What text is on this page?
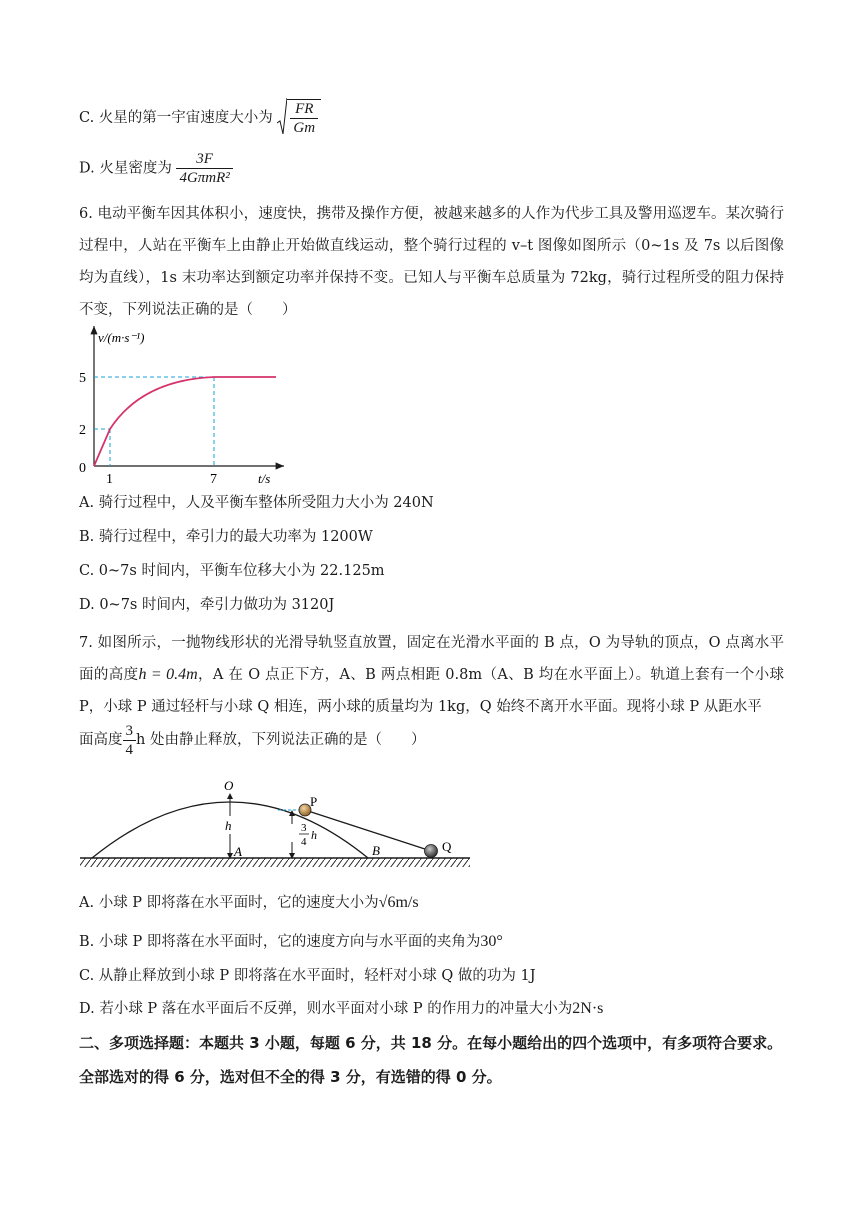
C. 火星的第一宇宙速度大小为 $\frac{FR}{Gm}$
D. 火星密度为 $\frac{3F}{\text{4GπmR²}}$
6. 电动平衡车因其体积小，速度快，携带及操作方便，被越来越多的人作为代步工具及警用巡逻车。某次骑行过程中，人站在平衡车上由静止开始做直线运动，整个骑行过程的 v–t 图像如图所示（0~1s 及 7s 以后图像均为直线），1s 末功率达到额定功率并保持不变。已知人与平衡车总质量为 72kg，骑行过程所受的阻力保持不变，下列说法正确的是（　　）
v/(m·s⁻¹)
5
2
0
1	7	t/s
A. 骑行过程中，人及平衡车整体所受阻力大小为 240N
B. 骑行过程中，牵引力的最大功率为 1200W
C. 0~7s 时间内，平衡车位移大小为 22.125m
D. 0~7s 时间内，牵引力做功为 3120J
7. 如图所示，一抛物线形状的光滑导轨竖直放置，固定在光滑水平面的 B 点，O 为导轨的顶点，O 点离水平面的高度h = 0.4m，A 在 O 点正下方，A、B 两点相距 0.8m（A、B 均在水平面上）。轨道上套有一个小球 P，小球 P 通过轻杆与小球 Q 相连，两小球的质量均为 1kg，Q 始终不离开水平面。现将小球 P 从距水平
面高度 $\frac{3}{4}$ h 处由静止释放，下列说法正确的是（　　）
O
h
A
P
3
4 h
B	Q
A. 小球 P 即将落在水平面时，它的速度大小为√6m/s
B. 小球 P 即将落在水平面时，它的速度方向与水平面的夹角为30°
C. 从静止释放到小球 P 即将落在水平面时，轻杆对小球 Q 做的功为 1J
D. 若小球 P 落在水平面后不反弹，则水平面对小球 P 的作用力的冲量大小为2N·s
二、多项选择题：本题共 3 小题，每题 6 分，共 18 分。在每小题给出的四个选项中，有多项符合要求。全部选对的得 6 分，选对但不全的得 3 分，有选错的得 0 分。
